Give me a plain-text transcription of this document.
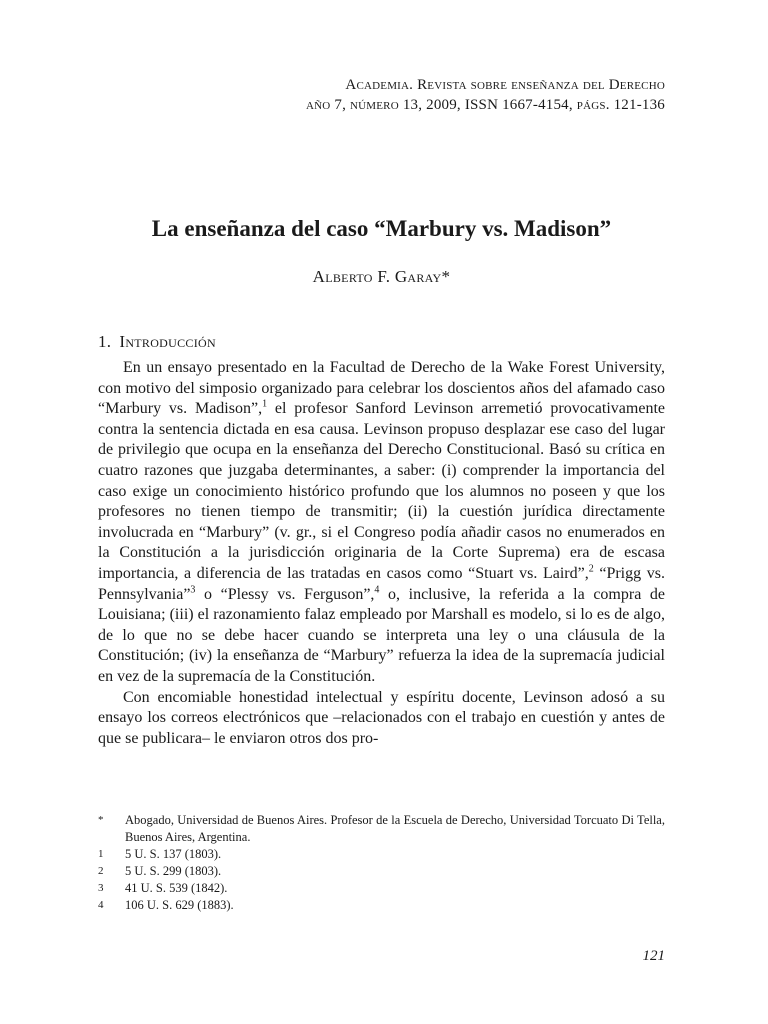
Academia. Revista sobre enseñanza del Derecho
año 7, número 13, 2009, ISSN 1667-4154, págs. 121-136
La enseñanza del caso “Marbury vs. Madison”
Alberto F. Garay*
1. Introducción

En un ensayo presentado en la Facultad de Derecho de la Wake Forest University, con motivo del simposio organizado para celebrar los doscientos años del afamado caso “Marbury vs. Madison”,$^1$ el profesor Sanford Levinson arremetió provocativamente contra la sentencia dictada en esa causa. Levinson propuso desplazar ese caso del lugar de privilegio que ocupa en la enseñanza del Derecho Constitucional. Basó su crítica en cuatro razones que juzgaba determinantes, a saber: (i) comprender la importancia del caso exige un conocimiento histórico profundo que los alumnos no poseen y que los profesores no tienen tiempo de transmitir; (ii) la cuestión jurídica directamente involucrada en “Marbury” (v. gr., si el Congreso podía añadir casos no enumerados en la Constitución a la jurisdicción originaria de la Corte Suprema) era de escasa importancia, a diferencia de las tratadas en casos como “Stuart vs. Laird”,$^2$ “Prigg vs. Pennsylvania”$^3$ o “Plessy vs. Ferguson”,$^4$ o, inclusive, la referida a la compra de Louisiana; (iii) el razonamiento falaz empleado por Marshall es modelo, si lo es de algo, de lo que no se debe hacer cuando se interpreta una ley o una cláusula de la Constitución; (iv) la enseñanza de “Marbury” refuerza la idea de la supremacía judicial en vez de la supremacía de la Constitución.

Con encomiable honestidad intelectual y espíritu docente, Levinson adosó a su ensayo los correos electrónicos que –relacionados con el trabajo en cuestión y antes de que se publicara– le enviaron otros dos pro-

*	Abogado, Universidad de Buenos Aires. Profesor de la Escuela de Derecho, Universidad Torcuato Di Tella, Buenos Aires, Argentina.
1	5 U. S. 137 (1803).
2	5 U. S. 299 (1803).
3	41 U. S. 539 (1842).
4	106 U. S. 629 (1883).
121
